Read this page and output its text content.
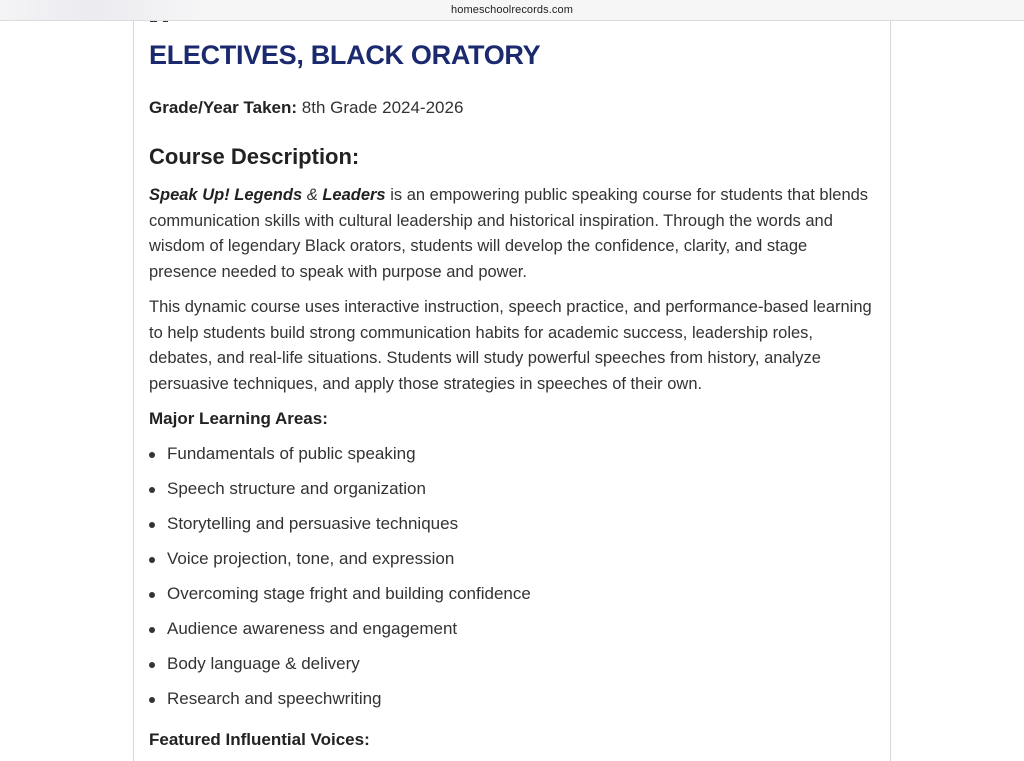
homeschoolrecords.com
ELECTIVES, BLACK ORATORY
Grade/Year Taken: 8th Grade 2024-2026
Course Description:

Speak Up! Legends & Leaders is an empowering public speaking course for students that blends communication skills with cultural leadership and historical inspiration. Through the words and wisdom of legendary Black orators, students will develop the confidence, clarity, and stage presence needed to speak with purpose and power.

This dynamic course uses interactive instruction, speech practice, and performance-based learning to help students build strong communication habits for academic success, leadership roles, debates, and real-life situations. Students will study powerful speeches from history, analyze persuasive techniques, and apply those strategies in speeches of their own.

Major Learning Areas:
Fundamentals of public speaking
Speech structure and organization
Storytelling and persuasive techniques
Voice projection, tone, and expression
Overcoming stage fright and building confidence
Audience awareness and engagement
Body language & delivery
Research and speechwriting
Featured Influential Voices:
